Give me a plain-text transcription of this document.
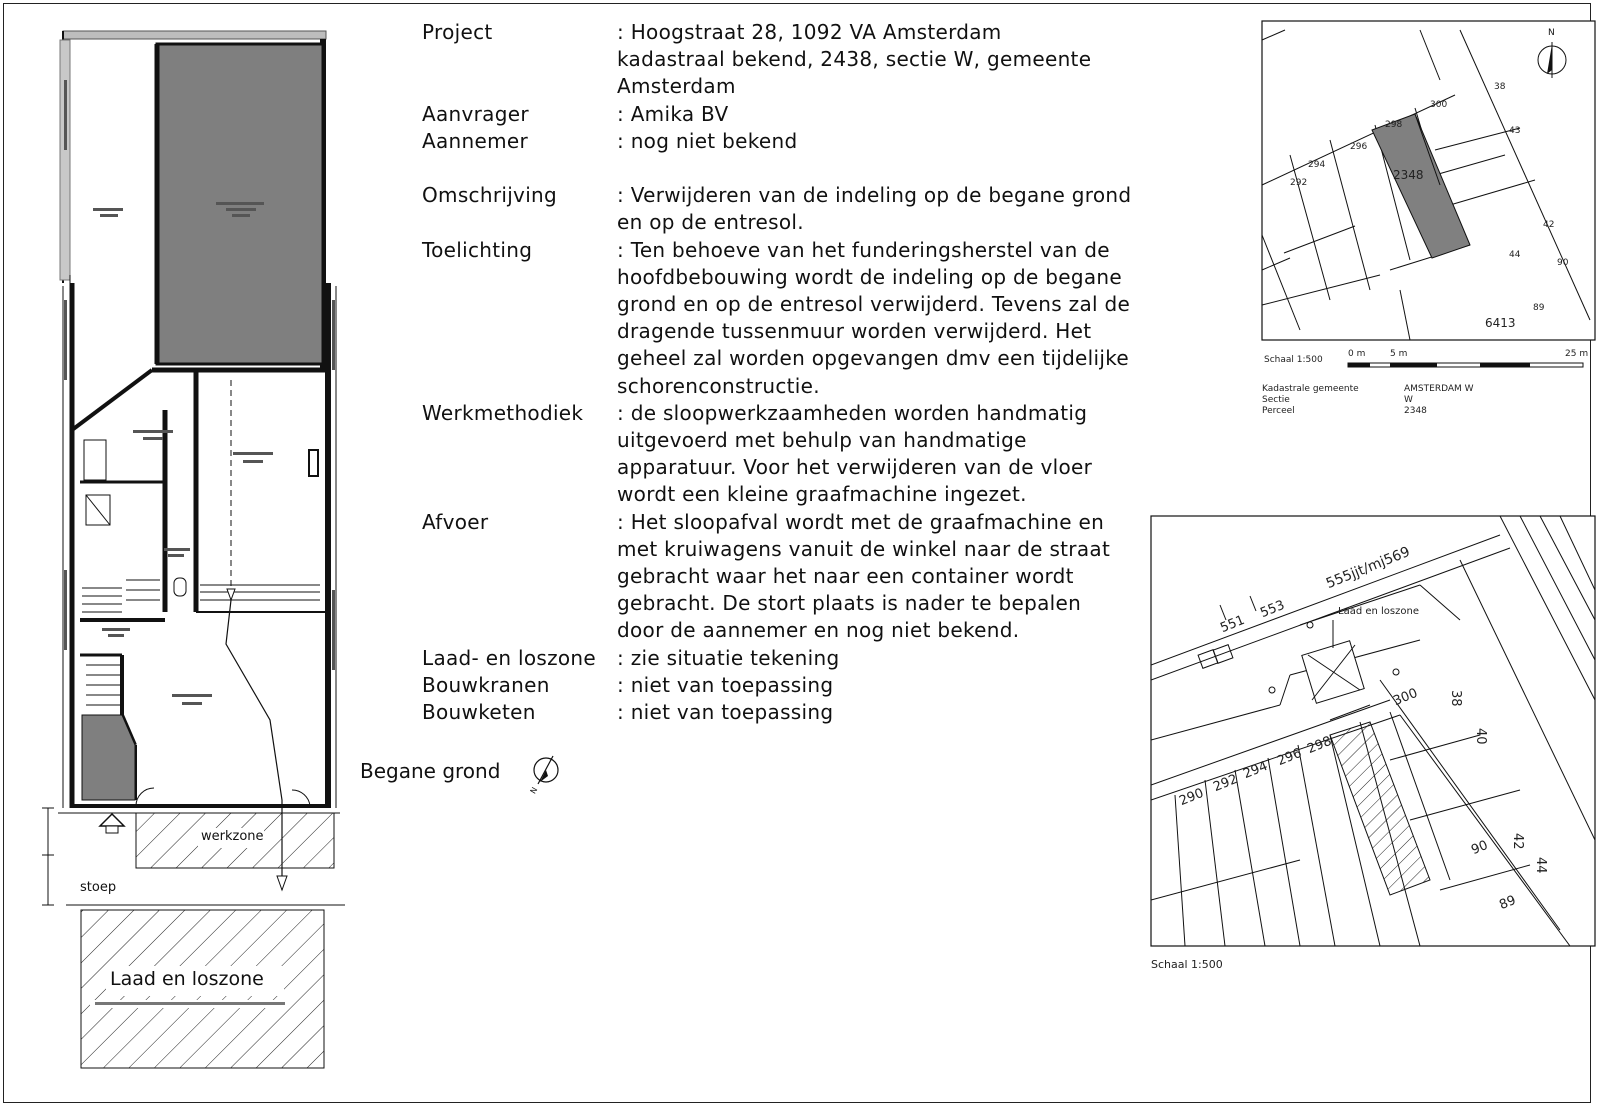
Begane grond
werkzone
stoep
Laad en loszone
N
Project	: Hoogstraat 28, 1092 VA Amsterdam
kadastraal bekend, 2438, sectie W, gemeente
Amsterdam
Aanvrager	: Amika BV
Aannemer	: nog niet bekend
Omschrijving	: Verwijderen van de indeling op de begane grond
en op de entresol.
Toelichting	: Ten behoeve van het funderingsherstel van de
hoofdbebouwing wordt de indeling op de begane
grond en op de entresol verwijderd. Tevens zal de
dragende tussenmuur worden verwijderd. Het
geheel zal worden opgevangen dmv een tijdelijke
schorenconstructie.
Werkmethodiek	: de sloopwerkzaamheden worden handmatig
uitgevoerd met behulp van handmatige
apparatuur. Voor het verwijderen van de vloer
wordt een kleine graafmachine ingezet.
Afvoer	: Het sloopafval wordt met de graafmachine en
met kruiwagens vanuit de winkel naar de straat
gebracht waar het naar een container wordt
gebracht. De stort plaats is nader te bepalen
door de aannemer en nog niet bekend.
Laad- en loszone	: zie situatie tekening
Bouwkranen	: niet van toepassing
Bouwketen	: niet van toepassing
N
292
294
296
298
300
38
43
42
44
90
89
2348
6413
Schaal 1:500
0 m	5 m	25 m
Kadastrale gemeente	AMSTERDAM W
Sectie	W
Perceel	2348
555jjt/mj569
Laad en loszone
551
553
290
292
294
296
298
300 38
40
42
44
90
89
Schaal 1:500
